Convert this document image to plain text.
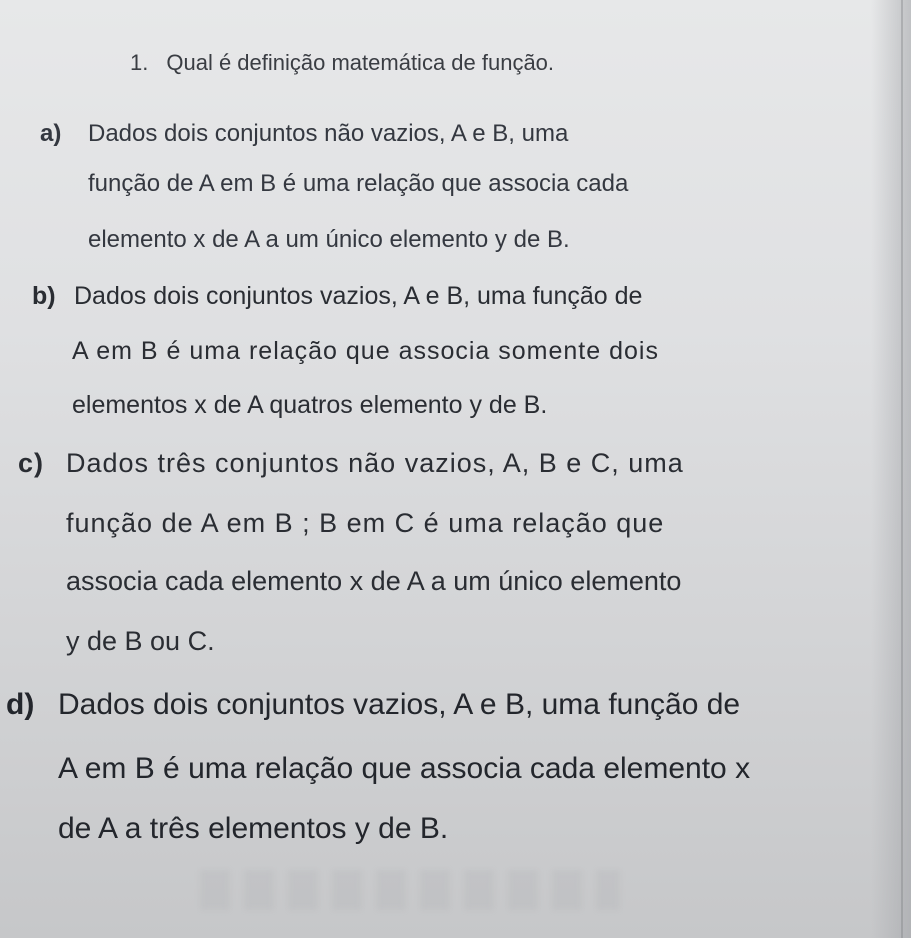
1. Qual é definição matemática de função.

a) Dados dois conjuntos não vazios, A e B, uma

função de A em B é uma relação que associa cada

elemento x de A a um único elemento y de B.

b) Dados dois conjuntos vazios, A e B, uma função de

A em B é uma relação que associa somente dois

elementos x de A quatros elemento y de B.

c) Dados três conjuntos não vazios, A, B e C, uma

função de A em B ; B em C é uma relação que

associa cada elemento x de A a um único elemento

y de B ou C.

d) Dados dois conjuntos vazios, A e B, uma função de

A em B é uma relação que associa cada elemento x

de A a três elementos y de B.
